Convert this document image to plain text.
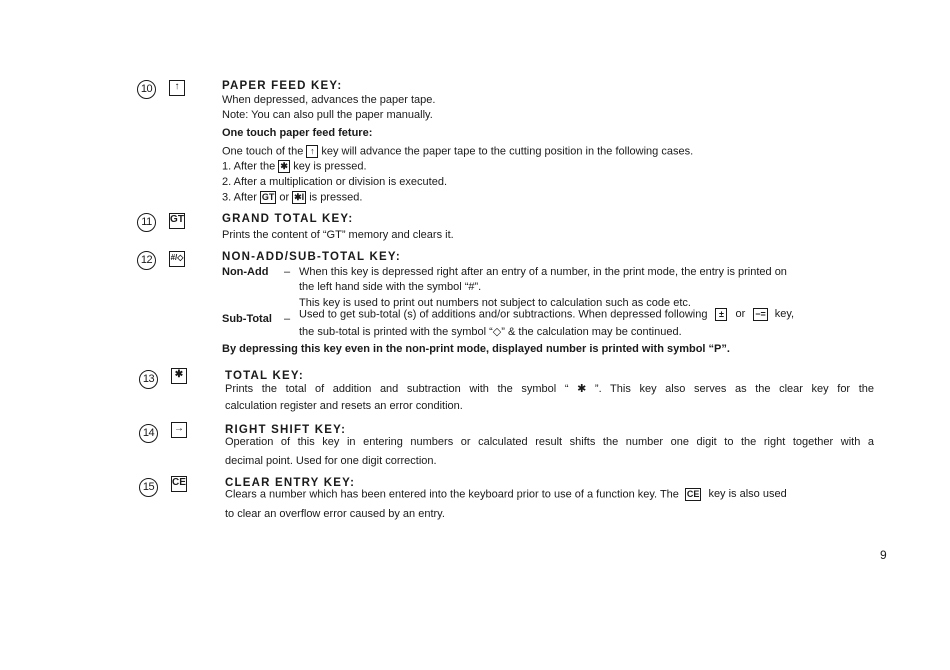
10	↑	PAPER FEED KEY:
When depressed, advances the paper tape.
Note: You can also pull the paper manually.
One touch paper feed feture:
One touch of the ↑ key will advance the paper tape to the cutting position in the following cases.
1. After the ✱ key is pressed.
2. After a multiplication or division is executed.
3. After GT or ✱I is pressed.
11	GT	GRAND TOTAL KEY:
Prints the content of “GT” memory and clears it.
12	#/◇	NON-ADD/SUB-TOTAL KEY:
Non-Add – When this key is depressed right after an entry of a number, in the print mode, the entry is printed on
the left hand side with the symbol “#”.
This key is used to print out numbers not subject to calculation such as code etc.
Sub-Total – Used to get sub-total (s) of additions and/or subtractions. When depressed following ± or −= key,
the sub-total is printed with the symbol “◇” & the calculation may be continued.
By depressing this key even in the non-print mode, displayed number is printed with symbol “P”.
13	✱	TOTAL KEY:
Prints the total of addition and subtraction with the symbol “ ✱ ”. This key also serves as the clear key for the
calculation register and resets an error condition.
14	→	RIGHT SHIFT KEY:
Operation of this key in entering numbers or calculated result shifts the number one digit to the right together with a
decimal point. Used for one digit correction.
15	CE	CLEAR ENTRY KEY:
Clears a number which has been entered into the keyboard prior to use of a function key. The CE key is also used
to clear an overflow error caused by an entry.
9
